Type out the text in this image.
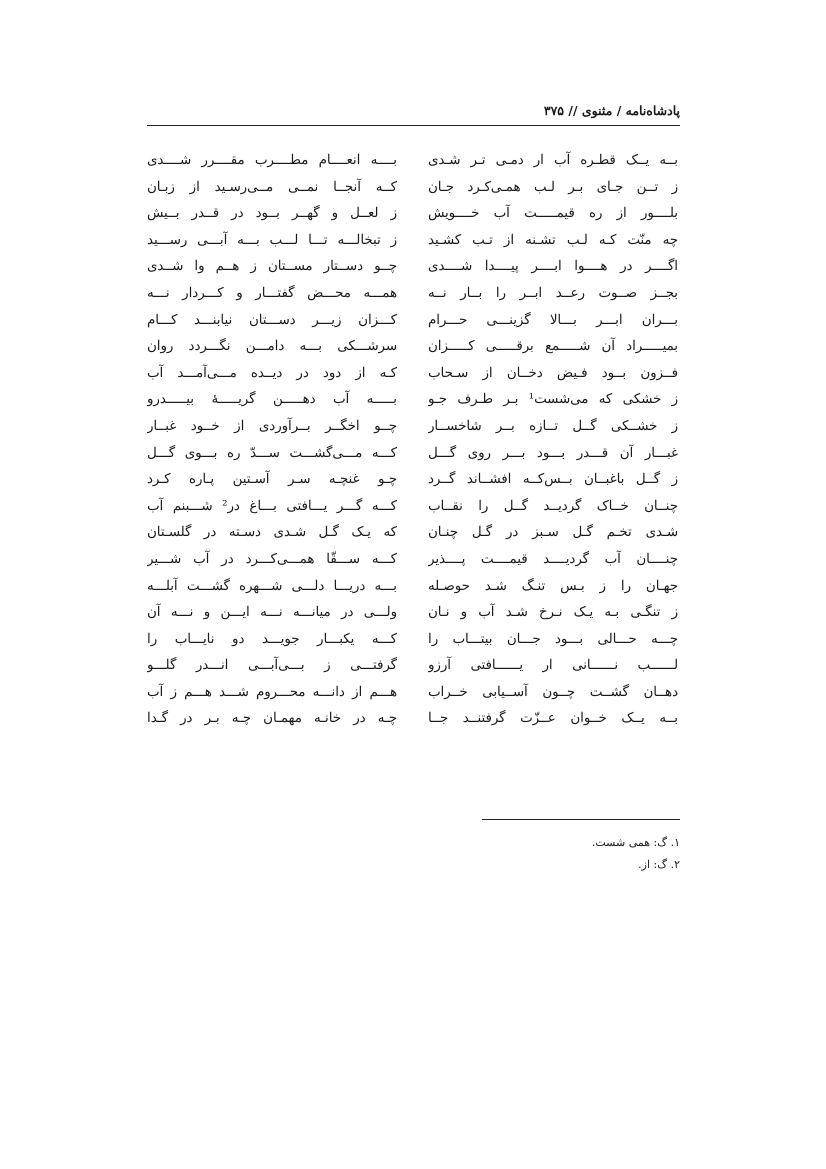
پادشاه‌نامه / مثنوی // ۳۷۵
بــه یــک قطـره آب ار دمـی تـر شـدی
ز تــن جـای بـر لـب همـی‌کـرد جـان
بلــــور از ره قیمـــــت آب خــــویش
چه منّت کـه لـب تشـنه از تـب کشـید
اگــــر در هــــوا ابــــر پیــــدا شــــدی
بجــز صــوت رعــد ابــر را بــار نــه
بـــران ابـــر بـــالا گزینـــی حـــرام
بمیـــــراد آن شـــــمع برقـــــی کـــــزان
فــزون بــود فـیض دخــان از سـحاب
ز خشکی که می‌شست¹ بـر طـرف جـو
ز خشــکی گــل تــازه بــر شاخســار
غبـــار آن قـــدر بـــود بـــر روی گـــل
ز گــل باغبــان بــس‌کــه افشــاند گــرد
چنــان خــاک گردیــد گــل را نقــاب
شـدی تخـم گـل سـبز در گـل چنـان
چنــــان آب گردیــــد قیمــــت پــــذیر
جهـان را ز بـس تنـگ شـد حوصـله
ز تنگـی بـه یـک نـرخ شـد آب و نـان
چـــه حـــالی بـــود جـــان بیتـــاب را
لــــــب نــــــانی ار یــــــافتی آرزو
دهــان گشــت چــون آســیابی خــراب
بــه یــک خــوان عــزّت گرفتنــد جــا
بــــه انعــــام مطــــرب مقــــرر شــــدی
کــه آنجــا نمــی مــی‌رسـید از زبـان
ز لعــل و گهــر بــود در قــدر بــیش
ز تبخالـــه تـــا لـــب بـــه آبـــی رســـید
چــو دســتار مســتان ز هــم وا شــدی
همـــه محـــض گفتـــار و کـــردار نـــه
کـــزان زیـــر دســـتان نیابنـــد کـــام
سرشـــکی بـــه دامـــن نگـــردد روان
کـه از دود در دیــده مـــی‌آمـــد آب
بـــــه آب دهـــــن گریـــــهٔ بیـــــدرو
چــو اخگــر بــرآوردی از خــود غبــار
کـــه مـــی‌گشـــت ســـدّ ره بـــوی گـــل
چـو غنچـه سـر آسـتین پـاره کـرد
کـــه گـــر یـــافتی بـــاغ در² شـــبنم آب
که یـک گـل شـدی دسـته در گلسـتان
کـــه ســـقّا همـــی‌کـــرد در آب شـــیر
بـــه دریـــا دلـــی شـــهره گشـــت آبلـــه
ولـــی در میانـــه نـــه ایـــن و نـــه آن
کـــه یکبـــار جویـــد دو نایـــاب را
گرفتـــی ز بـــی‌آبـــی انـــدر گلـــو
هـــم از دانـــه محـــروم شـــد هـــم ز آب
چـه در خانـه مهمـان چـه بـر در گـدا
۱. گ: همی شست.
۲. گ: از.
